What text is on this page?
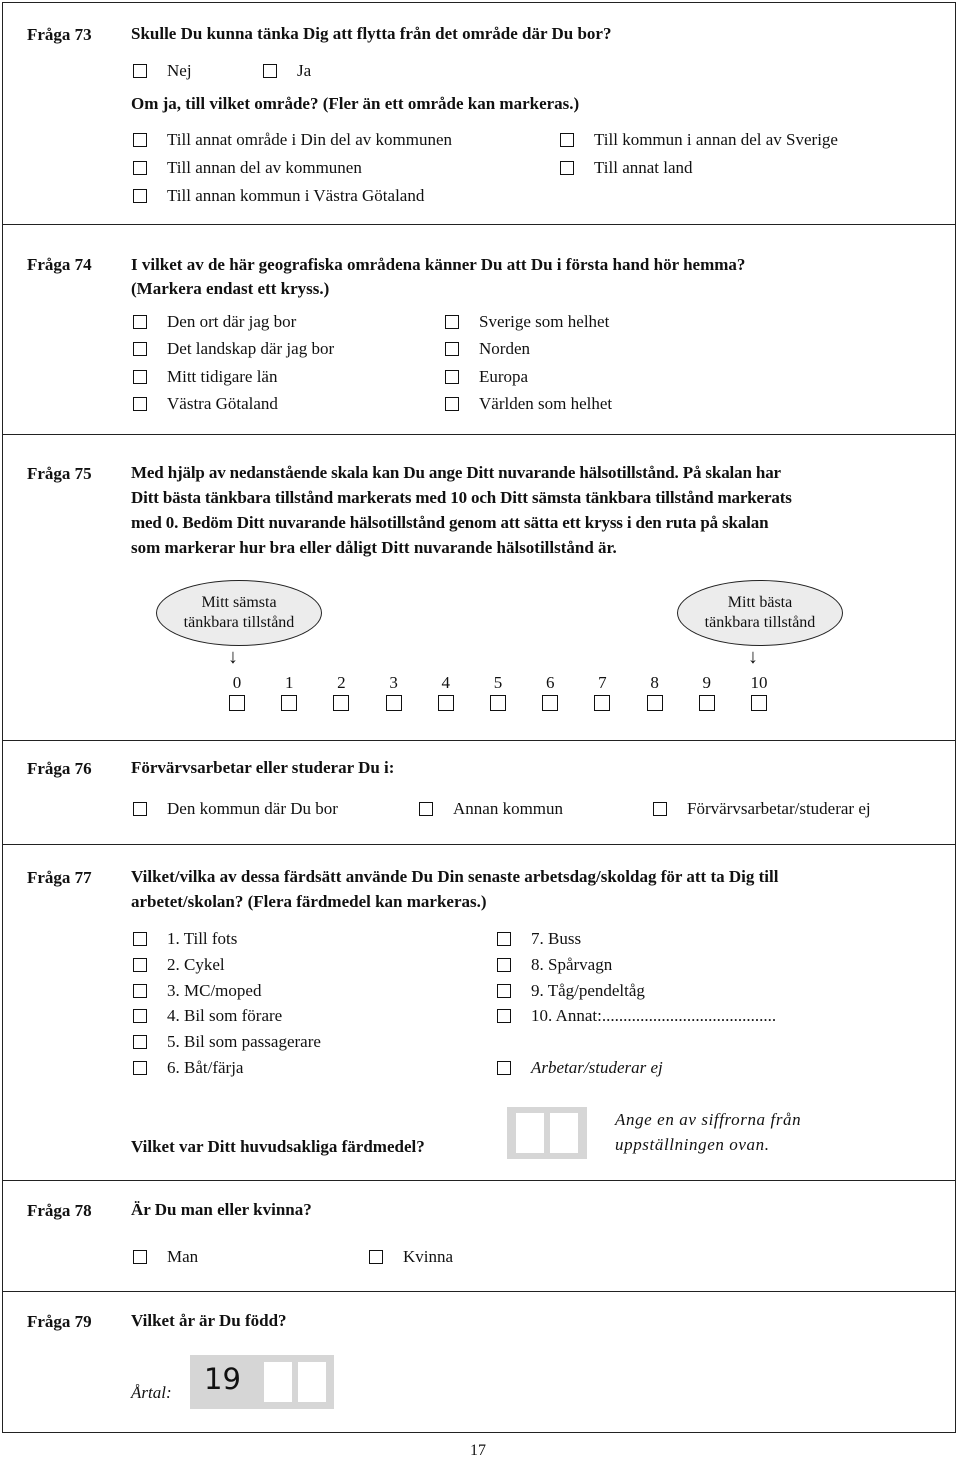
Fråga 73 Skulle Du kunna tänka Dig att flytta från det område där Du bor?
Nej	Ja
Om ja, till vilket område? (Fler än ett område kan markeras.)
Till annat område i Din del av kommunen
Till annan del av kommunen
Till annan kommun i Västra Götaland
Till kommun i annan del av Sverige
Till annat land
Fråga 74 I vilket av de här geografiska områdena känner Du att Du i första hand hör hemma?
(Markera endast ett kryss.)
Den ort där jag bor
Det landskap där jag bor
Mitt tidigare län
Västra Götaland
Sverige som helhet
Norden
Europa
Världen som helhet
Fråga 75 Med hjälp av nedanstående skala kan Du ange Ditt nuvarande hälsotillstånd. På skalan har
Ditt bästa tänkbara tillstånd markerats med 10 och Ditt sämsta tänkbara tillstånd markerats
med 0. Bedöm Ditt nuvarande hälsotillstånd genom att sätta ett kryss i den ruta på skalan
som markerar hur bra eller dåligt Ditt nuvarande hälsotillstånd är.
Mitt sämsta
tänkbara tillstånd
Mitt bästa
tänkbara tillstånd
↓	↓
0	1	2	3	4	5	6	7	8	9	10
Fråga 76 Förvärvsarbetar eller studerar Du i:
Den kommun där Du bor	Annan kommun	Förvärvsarbetar/studerar ej
Fråga 77 Vilket/vilka av dessa färdsätt använde Du Din senaste arbetsdag/skoldag för att ta Dig till
arbetet/skolan? (Flera färdmedel kan markeras.)
1. Till fots
2. Cykel
3. MC/moped
4. Bil som förare
5. Bil som passagerare
6. Båt/färja
7. Buss
8. Spårvagn
9. Tåg/pendeltåg
10. Annat:.........................................
Arbetar/studerar ej
Vilket var Ditt huvudsakliga färdmedel?
Ange en av siffrorna från
uppställningen ovan.
Fråga 78 Är Du man eller kvinna?
Man	Kvinna
Fråga 79 Vilket år är Du född?
Årtal: 19
17
